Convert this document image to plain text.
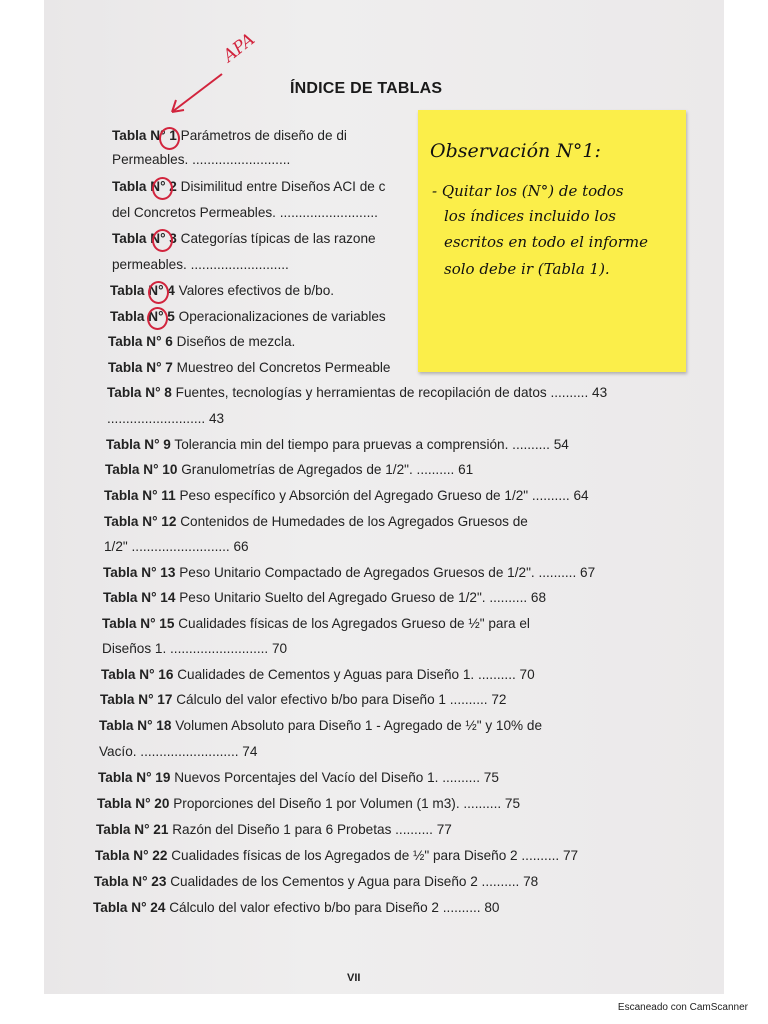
ÍNDICE DE TABLAS
Tabla N° 1 Parámetros de diseño de di
Permeables. ..........................
Tabla N° 2 Disimilitud entre Diseños ACI de c
del Concretos Permeables. ..........................
Tabla N° 3 Categorías típicas de las razone
permeables. ..........................
Tabla N° 4 Valores efectivos de b/bo.
Tabla N° 5 Operacionalizaciones de variables
Tabla N° 6 Diseños de mezcla.
Tabla N° 7 Muestreo del Concretos Permeable
Tabla N° 8 Fuentes, tecnologías y herramientas de recopilación de datos .......... 43
.......................... 43
Tabla N° 9 Tolerancia min del tiempo para pruevas a comprensión. .......... 54
Tabla N° 10 Granulometrías de Agregados de 1/2". .......... 61
Tabla N° 11 Peso específico y Absorción del Agregado Grueso de 1/2" .......... 64
Tabla N° 12 Contenidos de Humedades de los Agregados Gruesos de
1/2" .......................... 66
Tabla N° 13 Peso Unitario Compactado de Agregados Gruesos de 1/2". .......... 67
Tabla N° 14 Peso Unitario Suelto del Agregado Grueso de 1/2". .......... 68
Tabla N° 15 Cualidades físicas de los Agregados Grueso de ½" para el
Diseños 1. .......................... 70
Tabla N° 16 Cualidades de Cementos y Aguas para Diseño 1. .......... 70
Tabla N° 17 Cálculo del valor efectivo b/bo para Diseño 1 .......... 72
Tabla N° 18 Volumen Absoluto para Diseño 1 - Agregado de ½" y 10% de
Vacío. .......................... 74
Tabla N° 19 Nuevos Porcentajes del Vacío del Diseño 1. .......... 75
Tabla N° 20 Proporciones del Diseño 1 por Volumen (1 m3). .......... 75
Tabla N° 21 Razón del Diseño 1 para 6 Probetas .......... 77
Tabla N° 22 Cualidades físicas de los Agregados de ½" para Diseño 2 .......... 77
Tabla N° 23 Cualidades de los Cementos y Agua para Diseño 2 .......... 78
Tabla N° 24 Cálculo del valor efectivo b/bo para Diseño 2 .......... 80
VII
Escaneado con CamScanner
APA
Observación N°1:
- Quitar los (N°) de todos
los índices incluido los
escritos en todo el informe
solo debe ir (Tabla 1).
